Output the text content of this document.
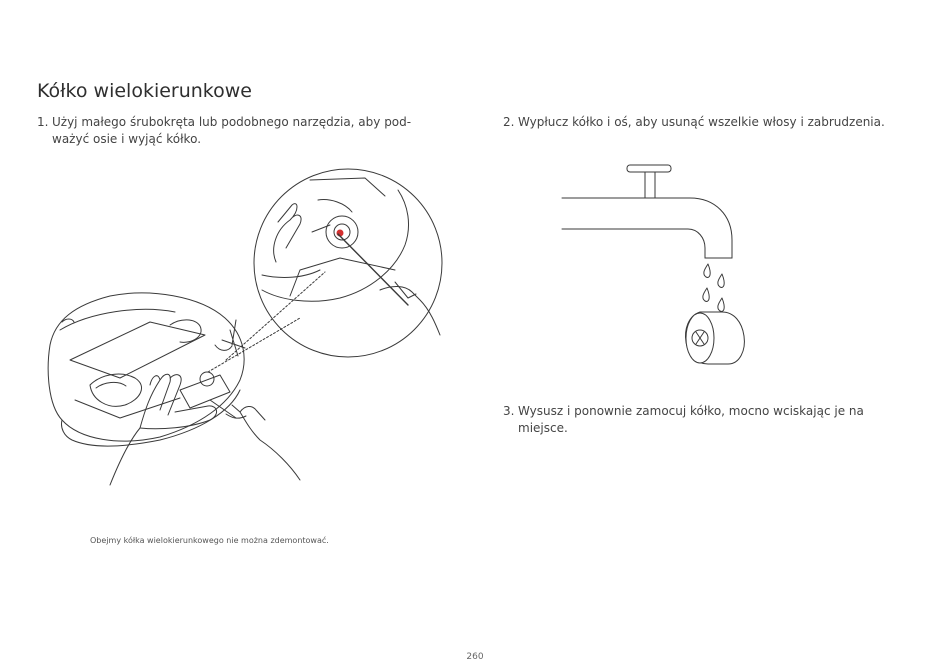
Kółko wielokierunkowe
1. Użyj małego śrubokręta lub podobnego narzędzia, aby pod-ważyć osie i wyjąć kółko.
2. Wypłucz kółko i oś, aby usunąć wszelkie włosy i zabrudzenia.
3. Wysusz i ponownie zamocuj kółko, mocno wciskając je na miejsce.
Obejmy kółka wielokierunkowego nie można zdemontować.
260
